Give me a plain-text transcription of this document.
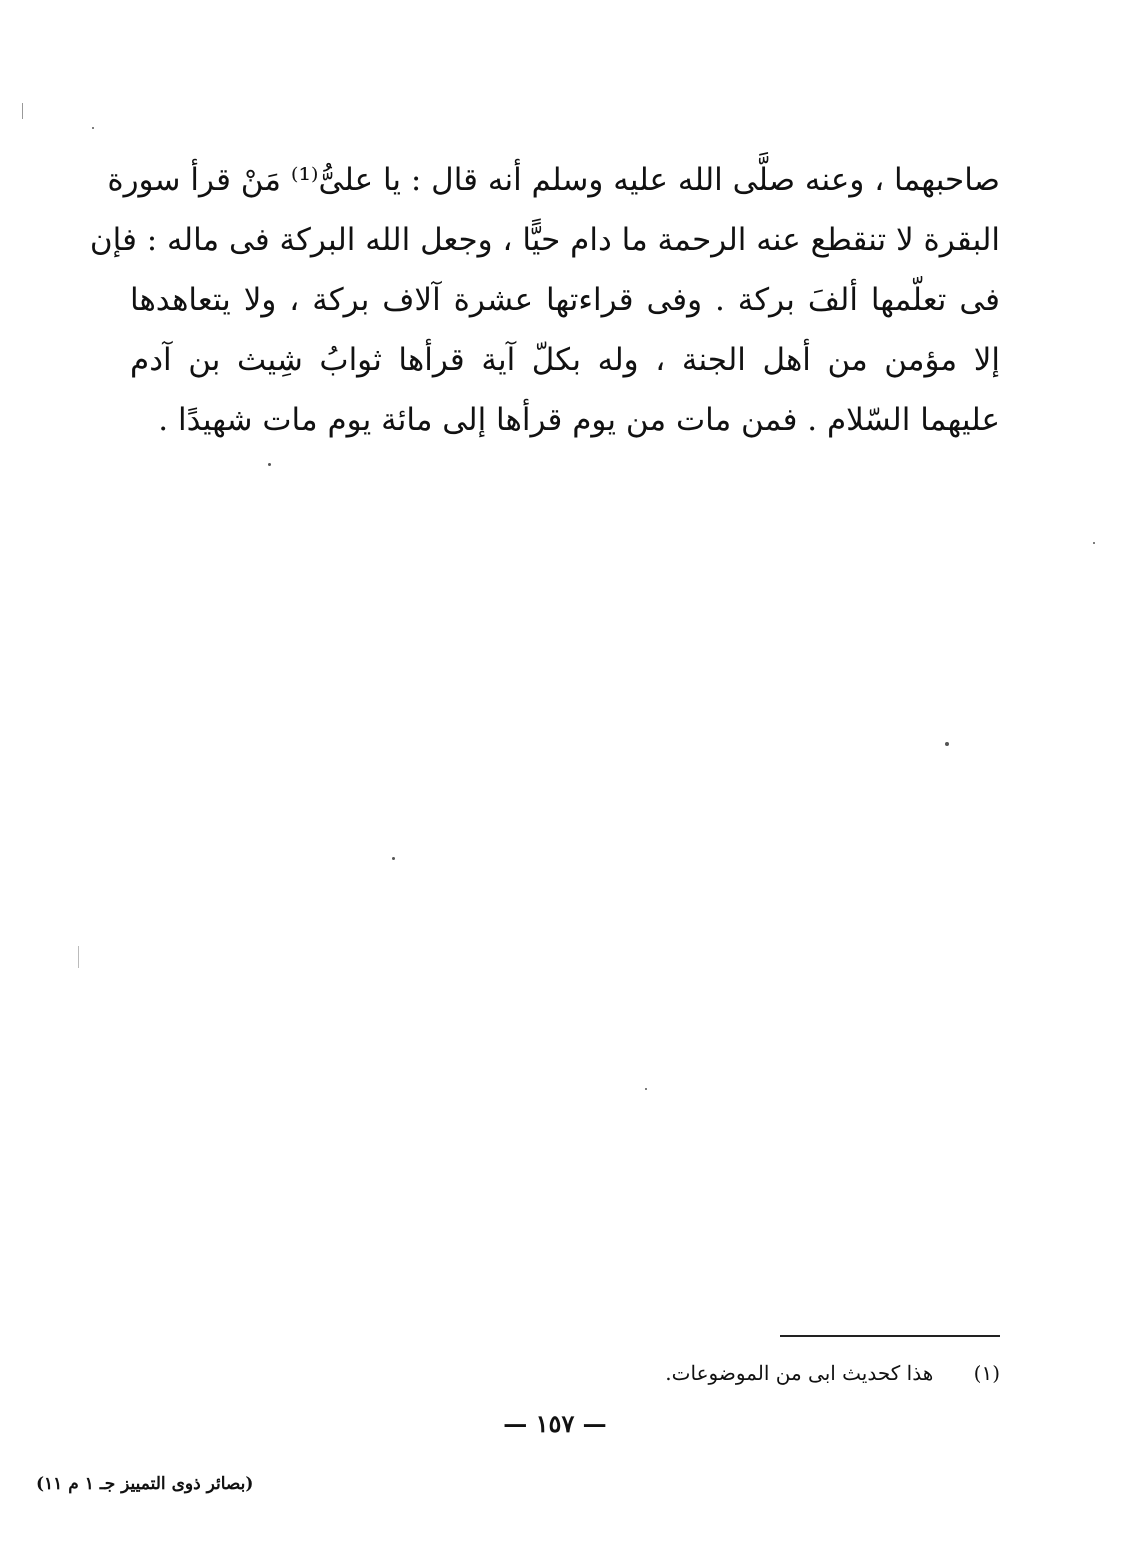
صاحبهما ، وعنه صلَّى الله عليه وسلم أنه قال : يا علىُّ⁽¹⁾ مَنْ قرأ سورة
البقرة لا تنقطع عنه الرحمة ما دام حيًّا ، وجعل الله البركة فى ماله : فإن
فى تعلّمها ألفَ بركة . وفى قراءتها عشرة آلاف بركة ، ولا يتعاهدها
إلا مؤمن من أهل الجنة ، وله بكلّ آية قرأها ثوابُ شِيث بن آدم
عليهما السّلام . فمن مات من يوم قرأها إلى مائة يوم مات شهيدًا .
(١) هذا كحديث ابى من الموضوعات.
— ١٥٧ —
(بصائر ذوى التمييز جـ ١ م ١١)
